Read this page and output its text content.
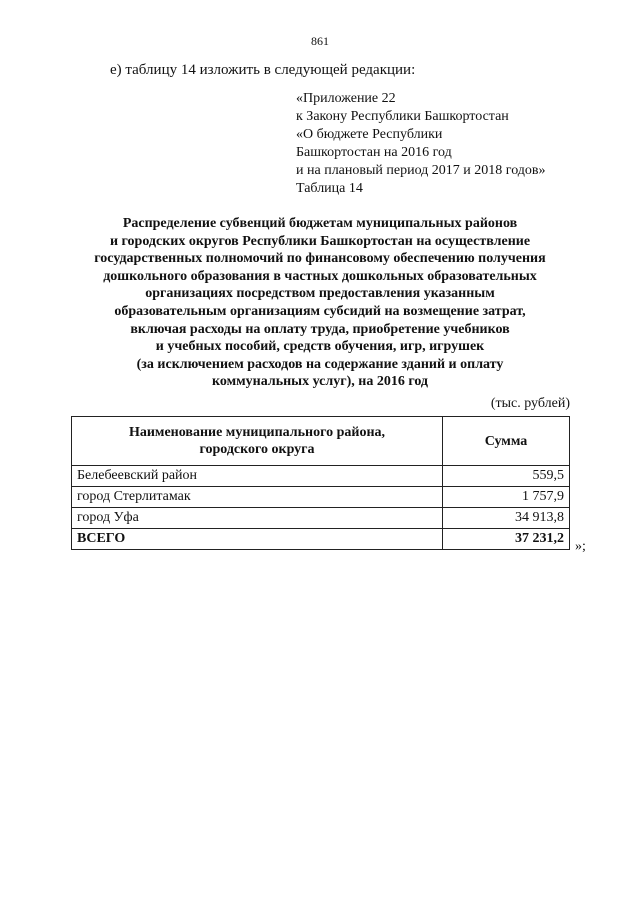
861
е) таблицу 14 изложить в следующей редакции:
«Приложение 22
к Закону Республики Башкортостан
«О бюджете Республики
Башкортостан на 2016 год
и на плановый период 2017 и 2018 годов»
Таблица 14
Распределение субвенций бюджетам муниципальных районов
и городских округов Республики Башкортостан на осуществление
государственных полномочий по финансовому обеспечению получения
дошкольного образования в частных дошкольных образовательных
организациях посредством предоставления указанным
образовательным организациям субсидий на возмещение затрат,
включая расходы на оплату труда, приобретение учебников
и учебных пособий, средств обучения, игр, игрушек
(за исключением расходов на содержание зданий и оплату
коммунальных услуг), на 2016 год
(тыс. рублей)
Наименование муниципального района,
городского округа	Сумма
Белебеевский район	559,5
город Стерлитамак	1 757,9
город Уфа	34 913,8
ВСЕГО	37 231,2
»;
